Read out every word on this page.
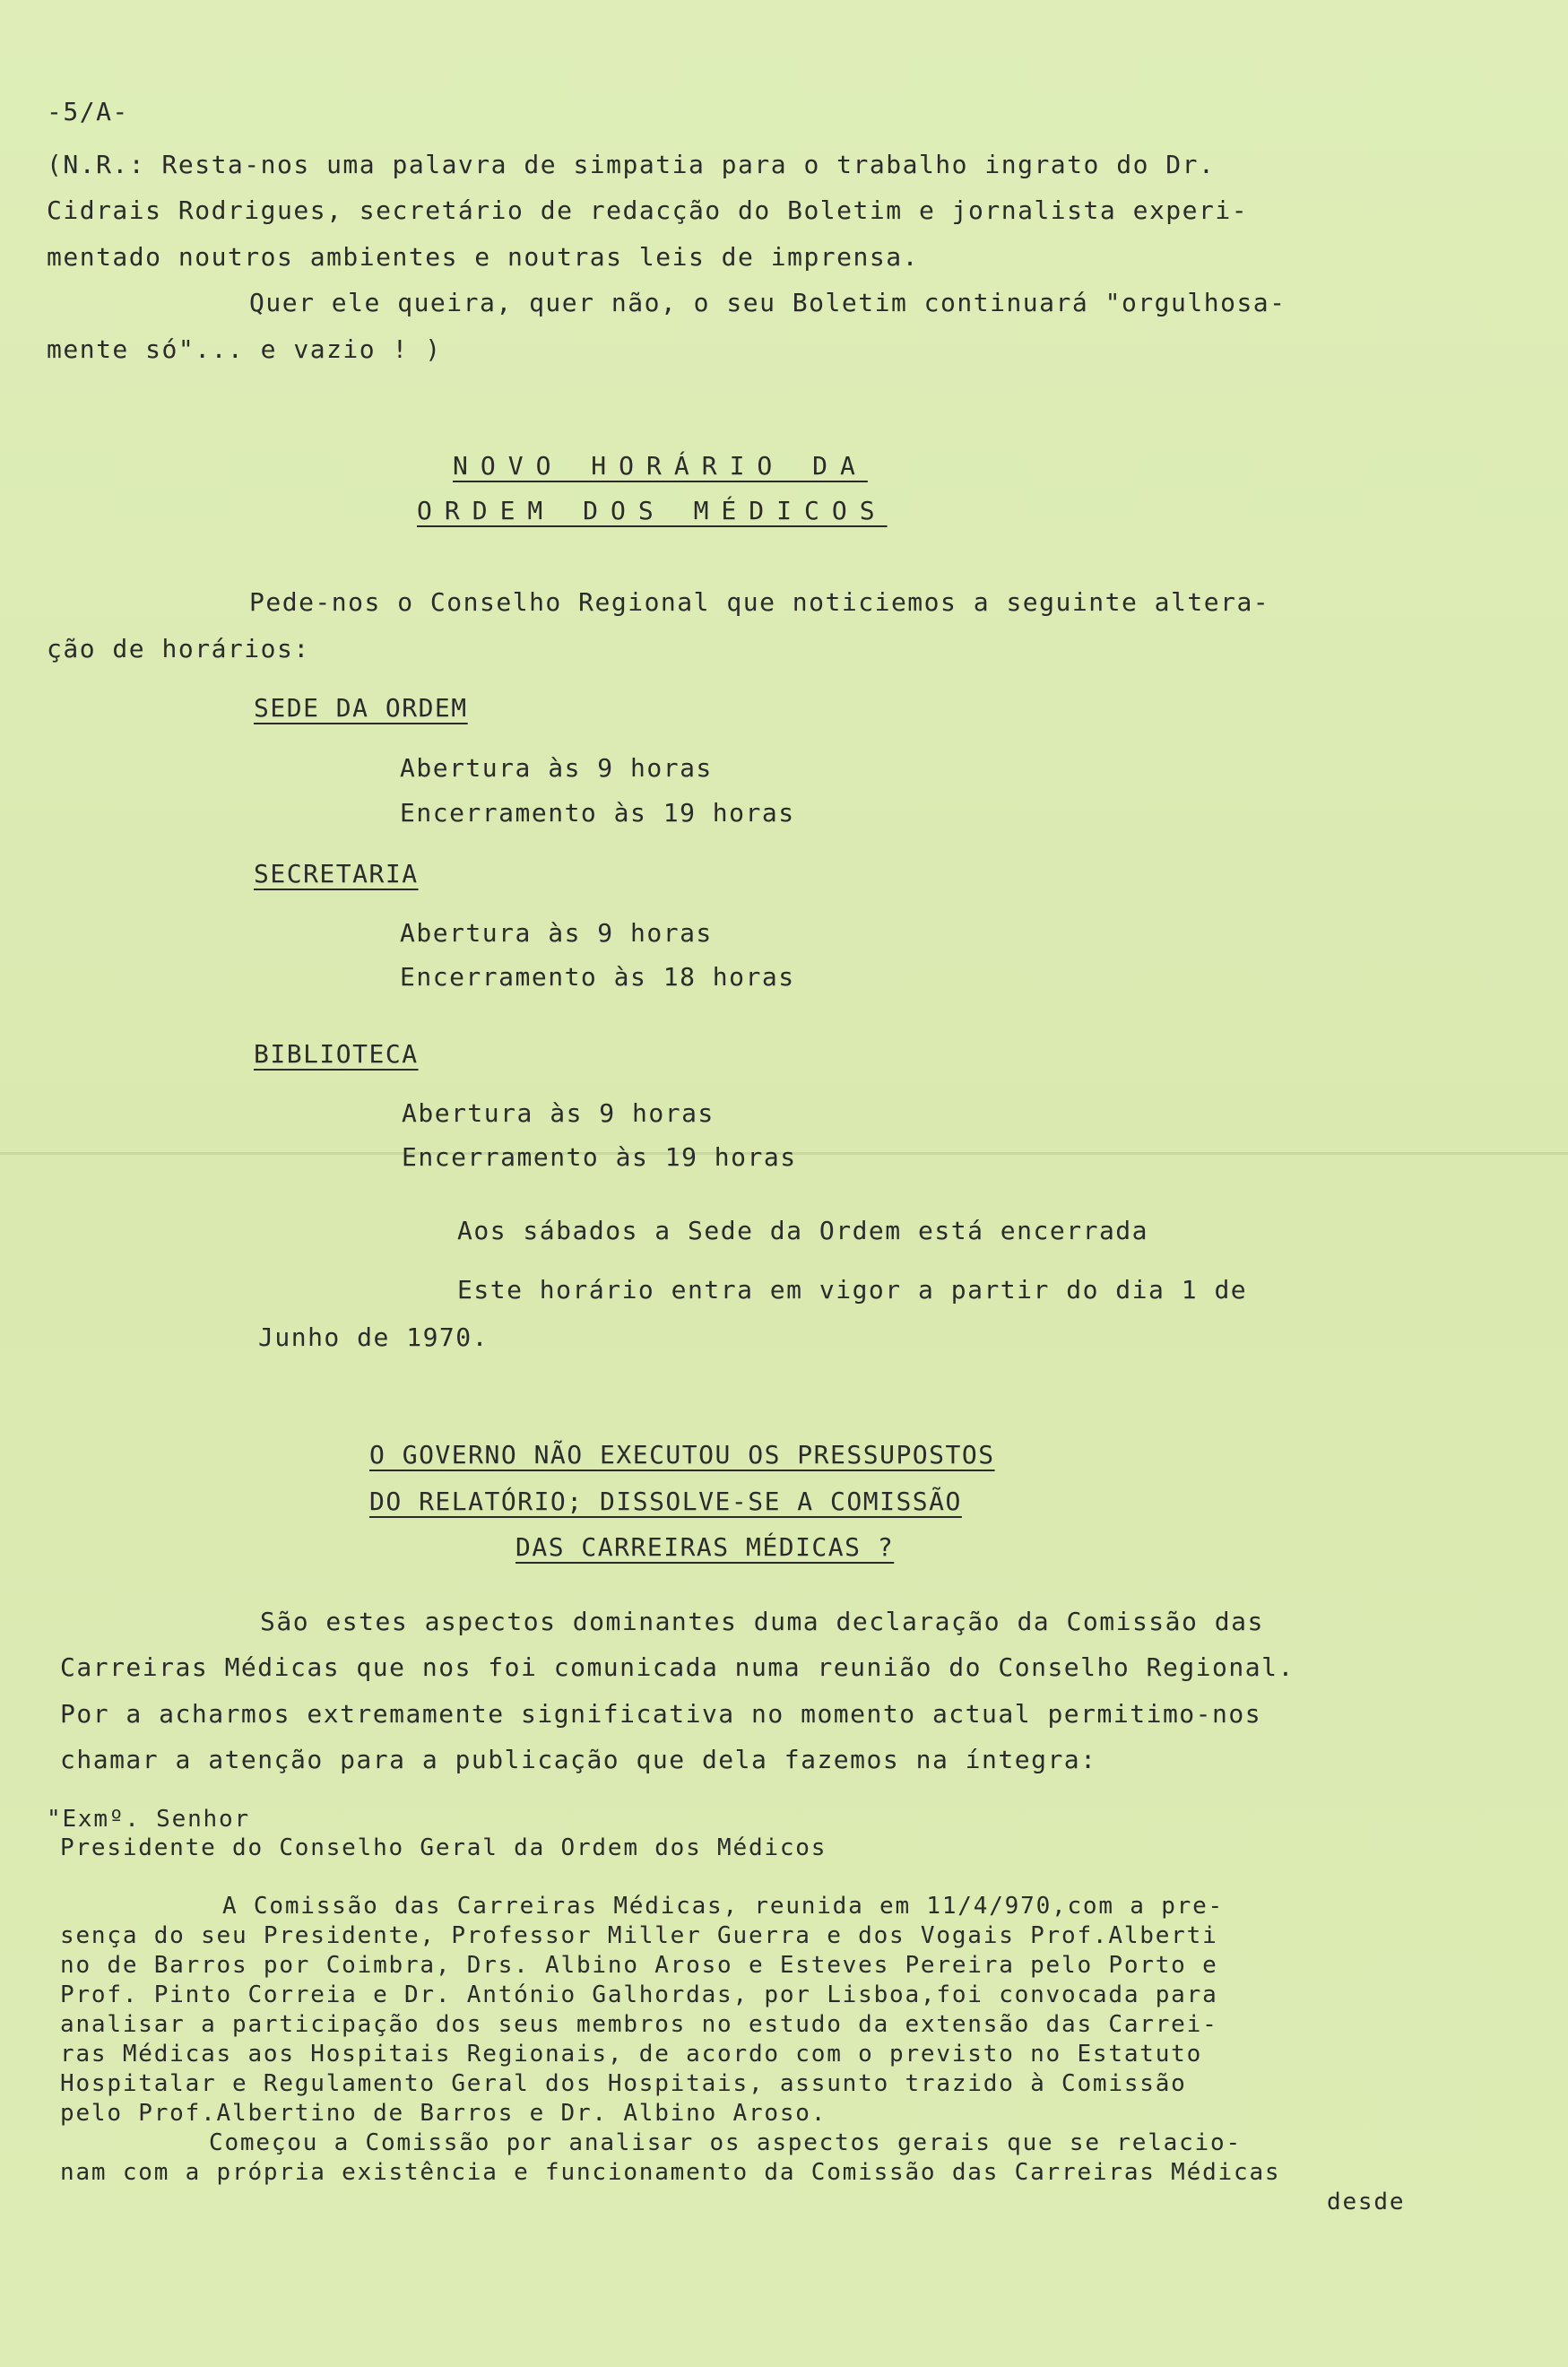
-5/A-
(N.R.: Resta-nos uma palavra de simpatia para o trabalho ingrato do Dr.
Cidrais Rodrigues, secretário de redacção do Boletim e jornalista experi-
mentado noutros ambientes e noutras leis de imprensa.
Quer ele queira, quer não, o seu Boletim continuará "orgulhosa-
mente só"... e vazio ! )
NOVO HORÁRIO DA
ORDEM DOS MÉDICOS
Pede-nos o Conselho Regional que noticiemos a seguinte altera-
ção de horários:
SEDE DA ORDEM
Abertura às 9 horas
Encerramento às 19 horas
SECRETARIA
Abertura às 9 horas
Encerramento às 18 horas
BIBLIOTECA
Abertura às 9 horas
Encerramento às 19 horas
Aos sábados a Sede da Ordem está encerrada
Este horário entra em vigor a partir do dia 1 de
Junho de 1970.
O GOVERNO NÃO EXECUTOU OS PRESSUPOSTOS
DO RELATÓRIO; DISSOLVE-SE A COMISSÃO
DAS CARREIRAS MÉDICAS ?
São estes aspectos dominantes duma declaração da Comissão das
Carreiras Médicas que nos foi comunicada numa reunião do Conselho Regional.
Por a acharmos extremamente significativa no momento actual permitimo-nos
chamar a atenção para a publicação que dela fazemos na íntegra:
"Exmº. Senhor
Presidente do Conselho Geral da Ordem dos Médicos
A Comissão das Carreiras Médicas, reunida em 11/4/970,com a pre-
sença do seu Presidente, Professor Miller Guerra e dos Vogais Prof.Alberti
no de Barros por Coimbra, Drs. Albino Aroso e Esteves Pereira pelo Porto e
Prof. Pinto Correia e Dr. António Galhordas, por Lisboa,foi convocada para
analisar a participação dos seus membros no estudo da extensão das Carrei-
ras Médicas aos Hospitais Regionais, de acordo com o previsto no Estatuto
Hospitalar e Regulamento Geral dos Hospitais, assunto trazido à Comissão
pelo Prof.Albertino de Barros e Dr. Albino Aroso.
Começou a Comissão por analisar os aspectos gerais que se relacio-
nam com a própria existência e funcionamento da Comissão das Carreiras Médicas
desde
